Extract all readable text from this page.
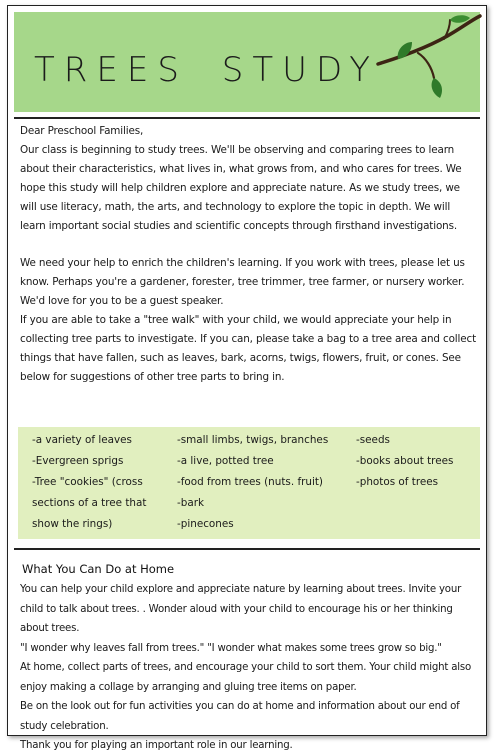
TREES STUDY

Dear Preschool Families,

Our class is beginning to study trees. We'll be observing and comparing trees to learn about their characteristics, what lives in, what grows from, and who cares for trees. We hope this study will help children explore and appreciate nature. As we study trees, we will use literacy, math, the arts, and technology to explore the topic in depth. We will learn important social studies and scientific concepts through firsthand investigations.

We need your help to enrich the children's learning. If you work with trees, please let us know. Perhaps you're a gardener, forester, tree trimmer, tree farmer, or nursery worker. We'd love for you to be a guest speaker.

If you are able to take a "tree walk" with your child, we would appreciate your help in collecting tree parts to investigate. If you can, please take a bag to a tree area and collect things that have fallen, such as leaves, bark, acorns, twigs, flowers, fruit, or cones. See below for suggestions of other tree parts to bring in.

-a variety of leaves
-Evergreen sprigs
-Tree "cookies" (cross
sections of a tree that
show the rings)
-small limbs, twigs, branches
-a live, potted tree
-food from trees (nuts. fruit)
-bark
-pinecones
-seeds
-books about trees
-photos of trees
What You Can Do at Home

You can help your child explore and appreciate nature by learning about trees. Invite your child to talk about trees. . Wonder aloud with your child to encourage his or her thinking about trees.

"I wonder why leaves fall from trees." "I wonder what makes some trees grow so big."

At home, collect parts of trees, and encourage your child to sort them. Your child might also enjoy making a collage by arranging and gluing tree items on paper.

Be on the look out for fun activities you can do at home and information about our end of study celebration.

Thank you for playing an important role in our learning.
